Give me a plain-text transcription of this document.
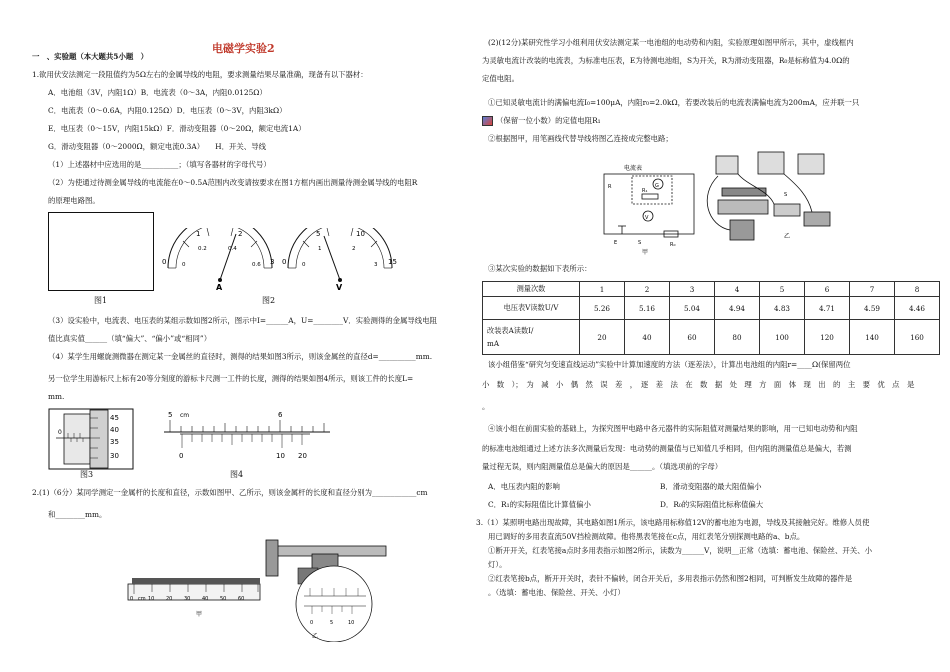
电磁学实验2
一　、实验题（本大题共5小题　）
1.欲用伏安法测定一段阻值约为5Ω左右的金属导线的电阻，要求测量结果尽量准确，现备有以下器材：
A．电池组（3V，内阻1Ω）B．电流表（0～3A，内阻0.0125Ω）
C．电流表（0～0.6A，内阻0.125Ω）D．电压表（0～3V，内阻3kΩ）
E．电压表（0～15V，内阻15kΩ）F．滑动变阻器（0～20Ω，额定电流1A）
G．滑动变阻器（0～2000Ω，额定电流0.3A）　　H．开关、导线
（1）上述器材中应选用的是__________；（填写各器材的字母代号）
（2）为使通过待测金属导线的电流能在0～0.5A范围内改变请按要求在图1方框内画出测量待测金属导线的电阻R
的原理电路图。
图1
0
1	2
3
0
0.2	0.4
0.6
A
0
5	10
15
0
1	2
3
V
图2
（3）设实验中，电流表、电压表的某组示数如图2所示，图示中I=______A，U=________V．实验测得的金属导线电阻
值比真实值______（填“偏大”、“偏小”或“相同”）
（4）某学生用螺旋测微器在测定某一金属丝的直径时，测得的结果如图3所示，则该金属丝的直径d=__________mm.
另一位学生用游标尺上标有20等分刻度的游标卡尺测一工件的长度，测得的结果如图4所示，则该工件的长度L=
mm.
45
40
35
30
0
图3
5 cm	6
0	10 20
图4
2.(1)（6分）某同学测定一金属杆的长度和直径，示数如图甲、乙所示，则该金属杆的长度和直径分别为____________cm
和________mm。
0 cm 10 20 30 40 50 60
甲
0	5	10
乙
(2)(12分)某研究性学习小组利用伏安法测定某一电池组的电动势和内阻，实验原理如图甲所示，其中，虚线框内
为灵敏电流计改装的电流表，为标准电压表，E为待测电池组，S为开关，R为滑动变阻器，R₀是标称值为4.0Ω的
定值电阻。
①已知灵敏电流计的满偏电流I₀=100μA，内阻r₀=2.0kΩ，若要改装后的电流表满偏电流为200mA，应并联一只
（保留一位小数）的定值电阻R₁
②根据图甲，用笔画线代替导线将图乙连接成完整电路；
电流表
G
R₁
V
E	S	R₀
R
甲
S
乙
③某次实验的数据如下表所示：
测量次数	1	2	3	4	5	6	7	8
电压表V读数U/V	5.26	5.16	5.04	4.94	4.83	4.71	4.59	4.46
改装表A读数I/
mA	20	40	60	80	100	120	140	160
该小组借鉴“研究匀变速直线运动”实验中计算加速度的方法（逐差法），计算出电池组的内阻r=____Ω(保留两位
小　数　）；　为　减　小　偶　然　误　差　，　逐　差　法　在　数　据　处　理　方　面　体　现　出　的　主　要　优　点　是
。
④该小组在前面实验的基础上，为探究图甲电路中各元器件的实际阻值对测量结果的影响，用一已知电动势和内阻
的标准电池组通过上述方法多次测量后发现：电动势的测量值与已知值几乎相同，但内阻的测量值总是偏大，若测
量过程无误，则内阻测量值总是偏大的原因是______。（填选项前的字母）
A．电压表内阻的影响	B．滑动变阻器的最大阻值偏小
C．R₁的实际阻值比计算值偏小	D．R₀的实际阻值比标称值偏大
3.（1）某照明电路出现故障，其电路如图1所示，该电路用标称值12V的蓄电池为电源，导线及其接触完好。维修人员使
用已调好的多用表直流50V挡检测故障。他将黑表笔接在c点，用红表笔分别探测电路的a、b点。
①断开开关，红表笔接a点时多用表指示如图2所示，读数为______V，说明__正常（选填：蓄电池、保险丝、开关、小
灯）。
②红表笔接b点，断开开关时，表针不偏转，闭合开关后，多用表指示仍然和图2相同，可判断发生故障的器件是
。（选填：蓄电池、保险丝、开关、小灯）
